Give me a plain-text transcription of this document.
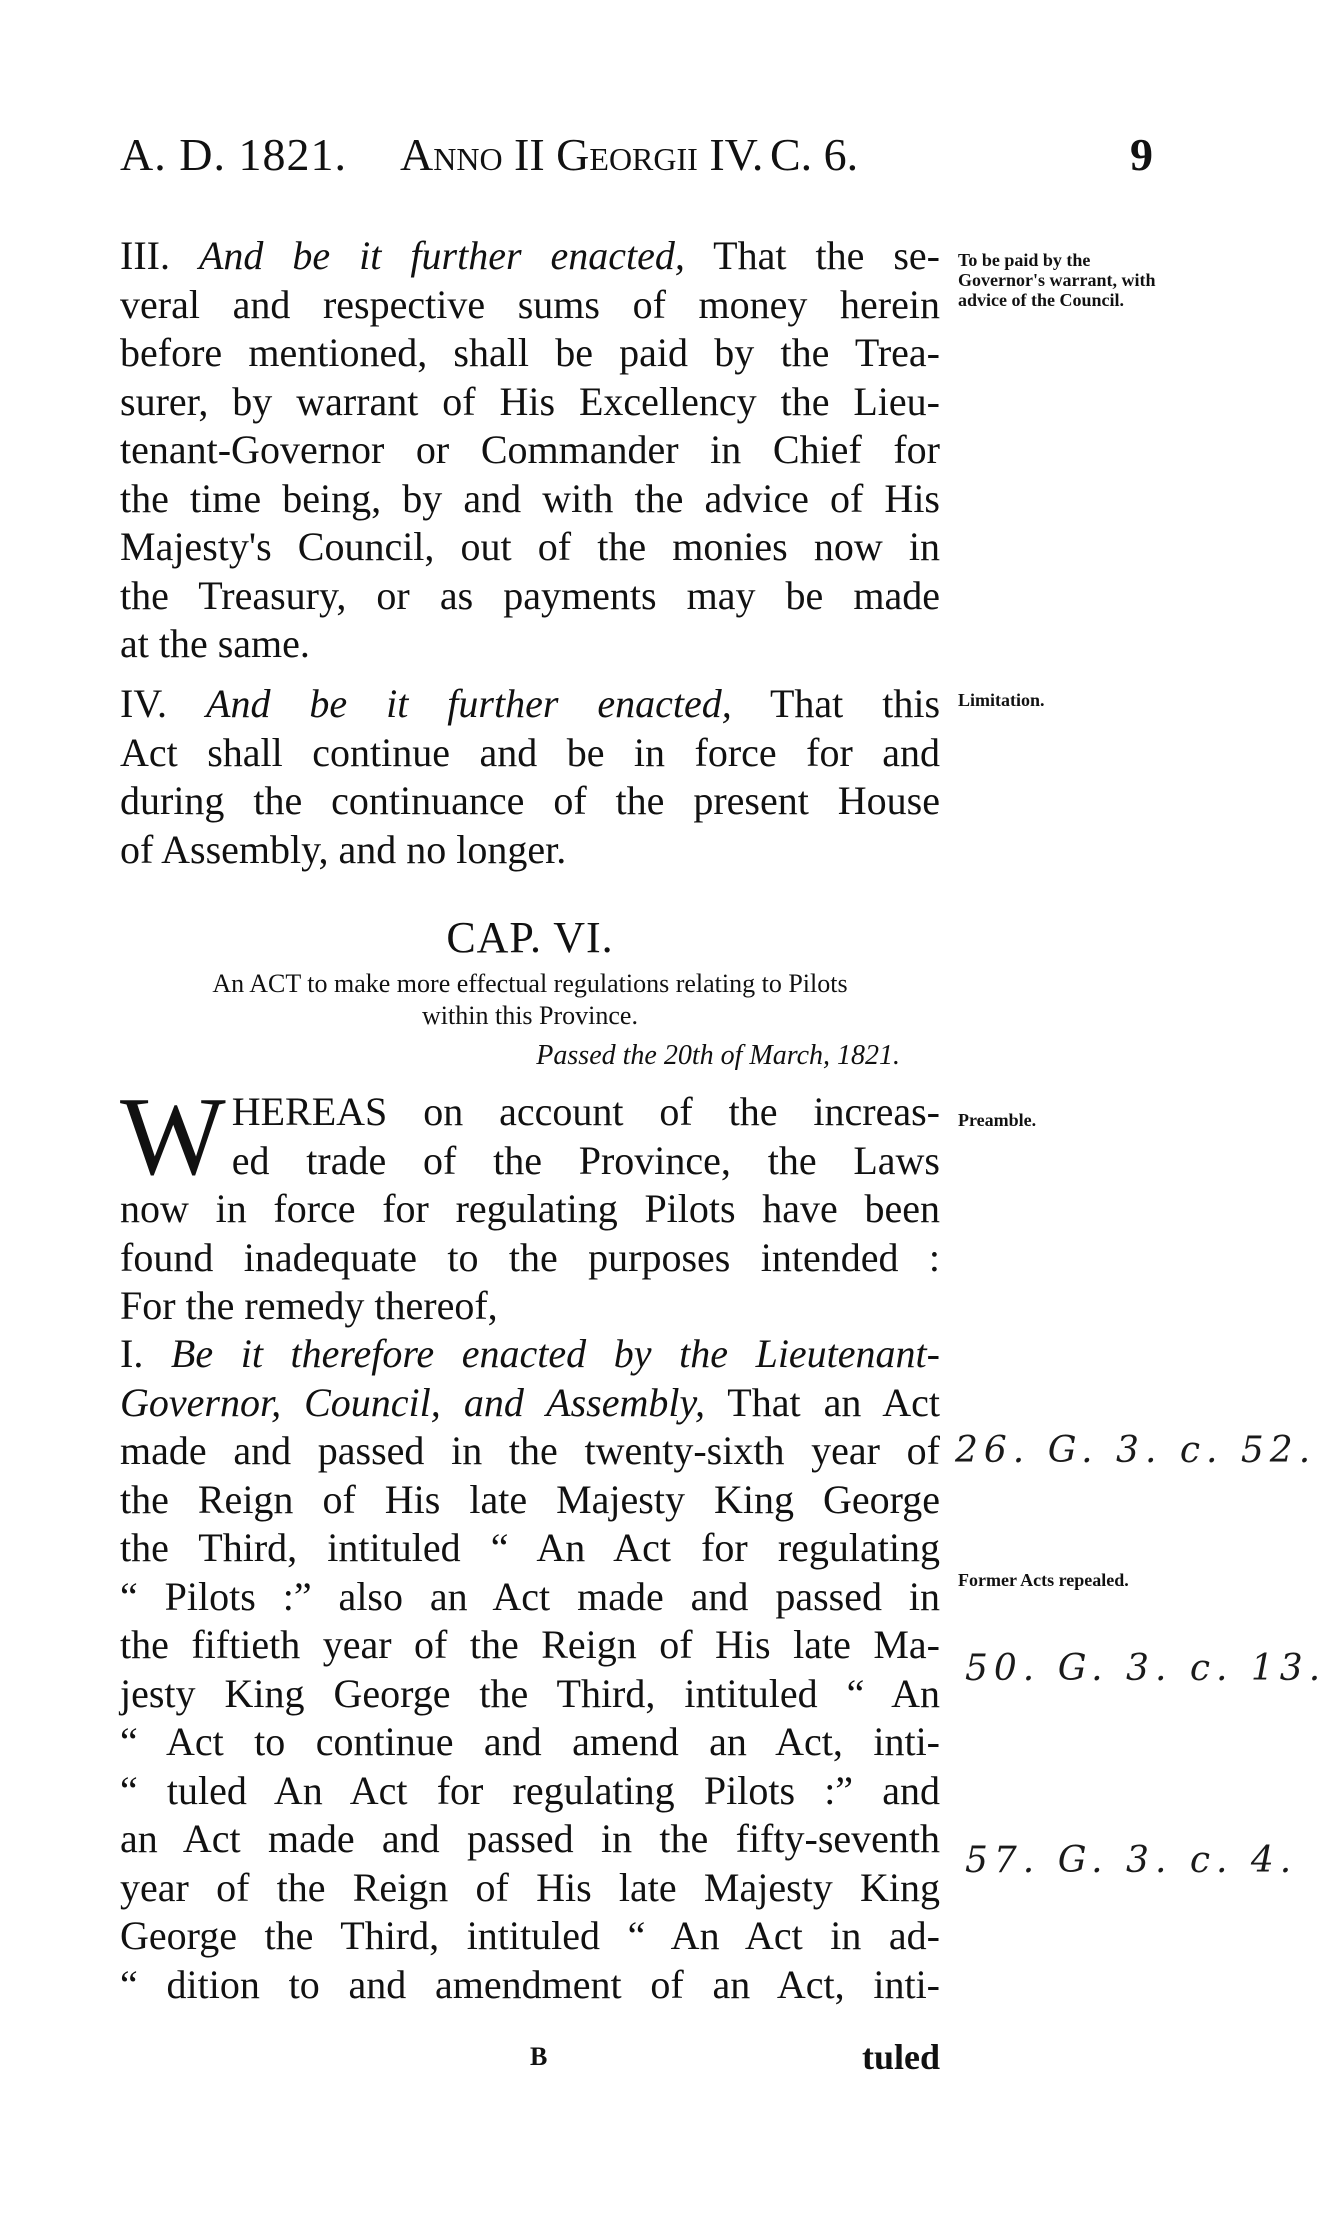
A. D. 1821. Anno II Georgii IV. C. 6.	9
III. And be it further enacted, That the se-
veral and respective sums of money herein
before mentioned, shall be paid by the Trea-
surer, by warrant of His Excellency the Lieu-
tenant-Governor or Commander in Chief for
the time being, by and with the advice of His
Majesty's Council, out of the monies now in
the Treasury, or as payments may be made
at the same.
IV. And be it further enacted, That this
Act shall continue and be in force for and
during the continuance of the present House
of Assembly, and no longer.
CAP. VI.
An ACT to make more effectual regulations relating to Pilots
within this Province.
Passed the 20th of March, 1821.
W HEREAS on account of the increas-
ed trade of the Province, the Laws
now in force for regulating Pilots have been
found inadequate to the purposes intended :
For the remedy thereof,
I. Be it therefore enacted by the Lieutenant-
Governor, Council, and Assembly, That an Act
made and passed in the twenty-sixth year of
the Reign of His late Majesty King George
the Third, intituled “ An Act for regulating
“ Pilots :” also an Act made and passed in
the fiftieth year of the Reign of His late Ma-
jesty King George the Third, intituled “ An
“ Act to continue and amend an Act, inti-
“ tuled An Act for regulating Pilots :” and
an Act made and passed in the fifty-seventh
year of the Reign of His late Majesty King
George the Third, intituled “ An Act in ad-
“ dition to and amendment of an Act, inti-
To be paid by the Governor's warrant, with advice of the Council.
Limitation.
Preamble.
Former Acts repealed.
26. G. 3. c. 52.
50. G. 3. c. 13.
57. G. 3. c. 4.
B	tuled
